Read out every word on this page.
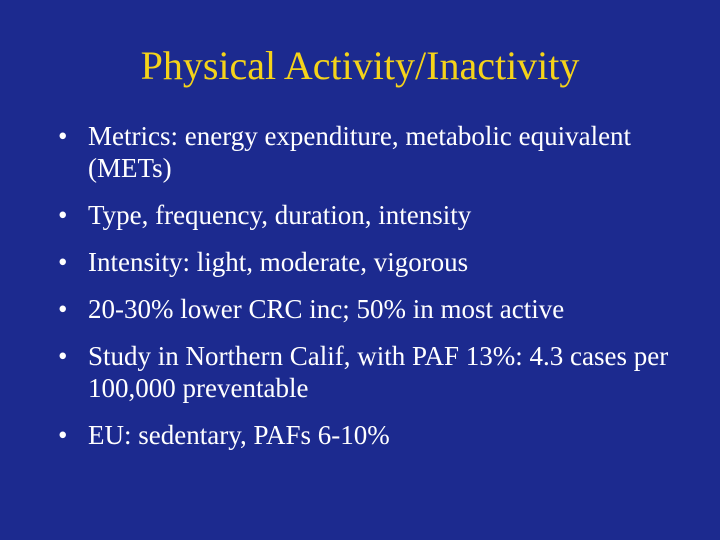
Physical Activity/Inactivity
• Metrics: energy expenditure, metabolic equivalent (METs)
• Type, frequency, duration, intensity
• Intensity: light, moderate, vigorous
• 20-30% lower CRC inc; 50% in most active
• Study in Northern Calif, with PAF 13%: 4.3 cases per 100,000 preventable
• EU: sedentary, PAFs 6-10%
